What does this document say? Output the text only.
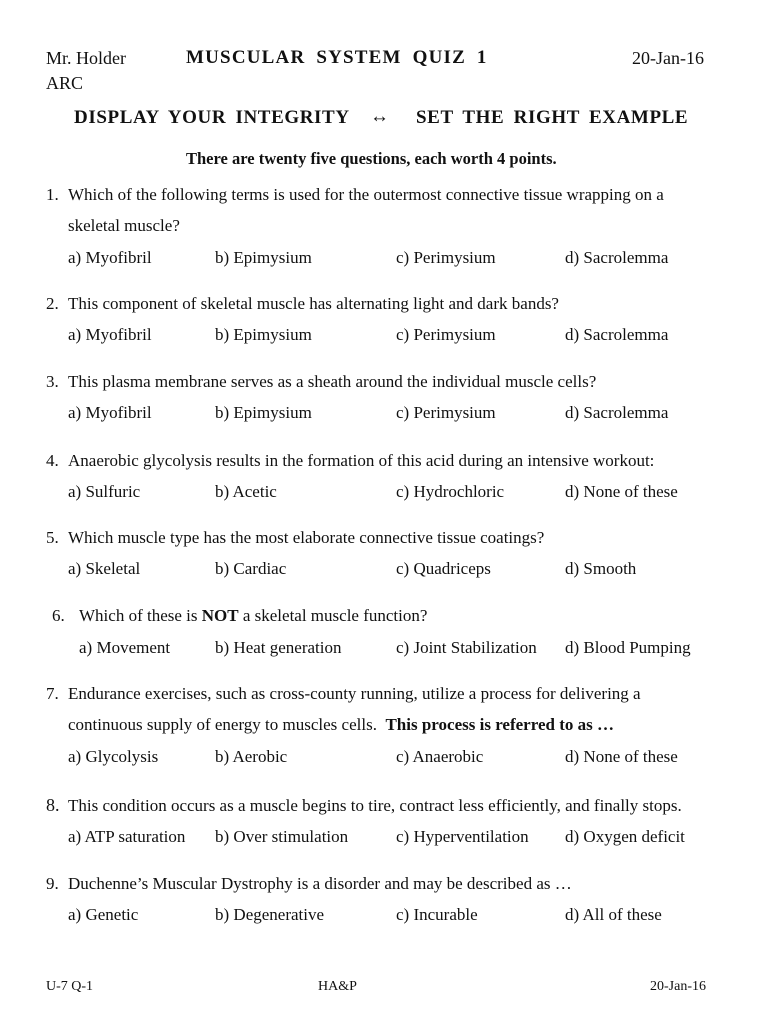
Mr. Holder	MUSCULAR SYSTEM QUIZ 1	20-Jan-16
ARC
DISPLAY YOUR INTEGRITY ↔ SET THE RIGHT EXAMPLE
There are twenty five questions, each worth 4 points.
1. Which of the following terms is used for the outermost connective tissue wrapping on a
skeletal muscle?
a) Myofibril	b) Epimysium	c) Perimysium	d) Sacrolemma
2. This component of skeletal muscle has alternating light and dark bands?
a) Myofibril	b) Epimysium	c) Perimysium	d) Sacrolemma
3. This plasma membrane serves as a sheath around the individual muscle cells?
a) Myofibril	b) Epimysium	c) Perimysium	d) Sacrolemma
4. Anaerobic glycolysis results in the formation of this acid during an intensive workout:
a) Sulfuric	b) Acetic	c) Hydrochloric	d) None of these
5. Which muscle type has the most elaborate connective tissue coatings?
a) Skeletal	b) Cardiac	c) Quadriceps	d) Smooth
6. Which of these is NOT a skeletal muscle function?
a) Movement	b) Heat generation	c) Joint Stabilization d) Blood Pumping
7. Endurance exercises, such as cross-county running, utilize a process for delivering a
continuous supply of energy to muscles cells. This process is referred to as …
a) Glycolysis	b) Aerobic	c) Anaerobic	d) None of these
8. This condition occurs as a muscle begins to tire, contract less efficiently, and finally stops.
a) ATP saturation b) Over stimulation	c) Hyperventilation d) Oxygen deficit
9. Duchenne’s Muscular Dystrophy is a disorder and may be described as …
a) Genetic	b) Degenerative	c) Incurable	d) All of these
U-7 Q-1	HA&P	20-Jan-16
